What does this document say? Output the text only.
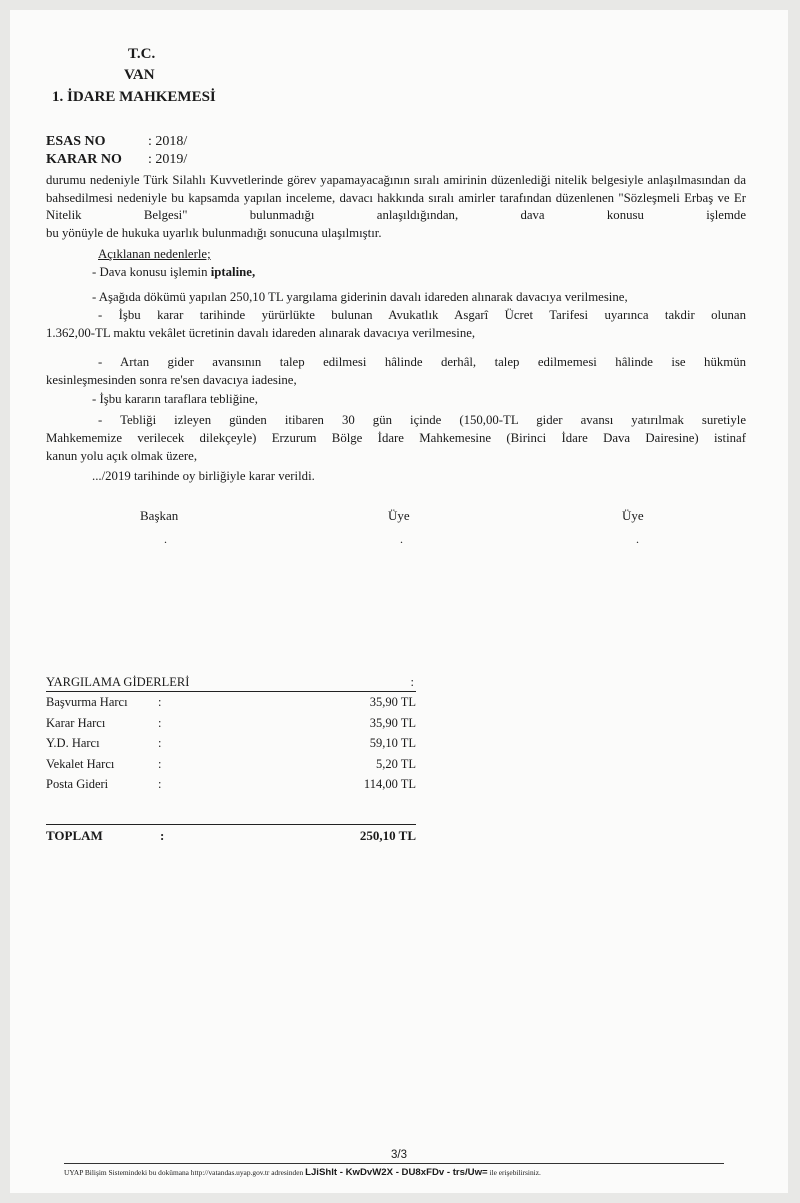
T.C.
VAN
1. İDARE MAHKEMESİ
ESAS NO	: 2018/
KARAR NO : 2019/
durumu nedeniyle Türk Silahlı Kuvvetlerinde görev yapamayacağının sıralı amirinin düzenlediği nitelik belgesiyle anlaşılmasından da bahsedilmesi nedeniyle bu kapsamda yapılan inceleme, davacı hakkında sıralı amirler tarafından düzenlenen "Sözleşmeli Erbaş ve Er Nitelik Belgesi" bulunmadığı anlaşıldığından, dava konusu işlemde
bu yönüyle de hukuka uyarlık bulunmadığı sonucuna ulaşılmıştır.
Açıklanan nedenlerle;
- Dava konusu işlemin iptaline,
- Aşağıda dökümü yapılan 250,10 TL yargılama giderinin davalı idareden alınarak davacıya verilmesine,
- İşbu karar tarihinde yürürlükte bulunan Avukatlık Asgarî Ücret Tarifesi uyarınca takdir olunan
1.362,00-TL maktu vekâlet ücretinin davalı idareden alınarak davacıya verilmesine,
- Artan gider avansının talep edilmesi hâlinde derhâl, talep edilmemesi hâlinde ise hükmün
kesinleşmesinden sonra re'sen davacıya iadesine,
- İşbu kararın taraflara tebliğine,
- Tebliği izleyen günden itibaren 30 gün içinde (150,00-TL gider avansı yatırılmak suretiyle
Mahkememize verilecek dilekçeyle) Erzurum Bölge İdare Mahkemesine (Birinci İdare Dava Dairesine) istinaf
kanun yolu açık olmak üzere,
.../2019 tarihinde oy birliğiyle karar verildi.
Başkan	Üye	Üye
.	.	.
YARGILAMA GİDERLERİ	:
Başvurma Harcı :	35,90 TL
Karar Harcı	:	35,90 TL
Y.D. Harcı	:	59,10 TL
Vekalet Harcı	:	5,20 TL
Posta Gideri	:	114,00 TL
TOPLAM	:	250,10 TL
3/3
UYAP Bilişim Sistemindeki bu dokümana http://vatandas.uyap.gov.tr adresinden LJiShlt - KwDvW2X - DU8xFDv - trs/Uw= ile erişebilirsiniz.
